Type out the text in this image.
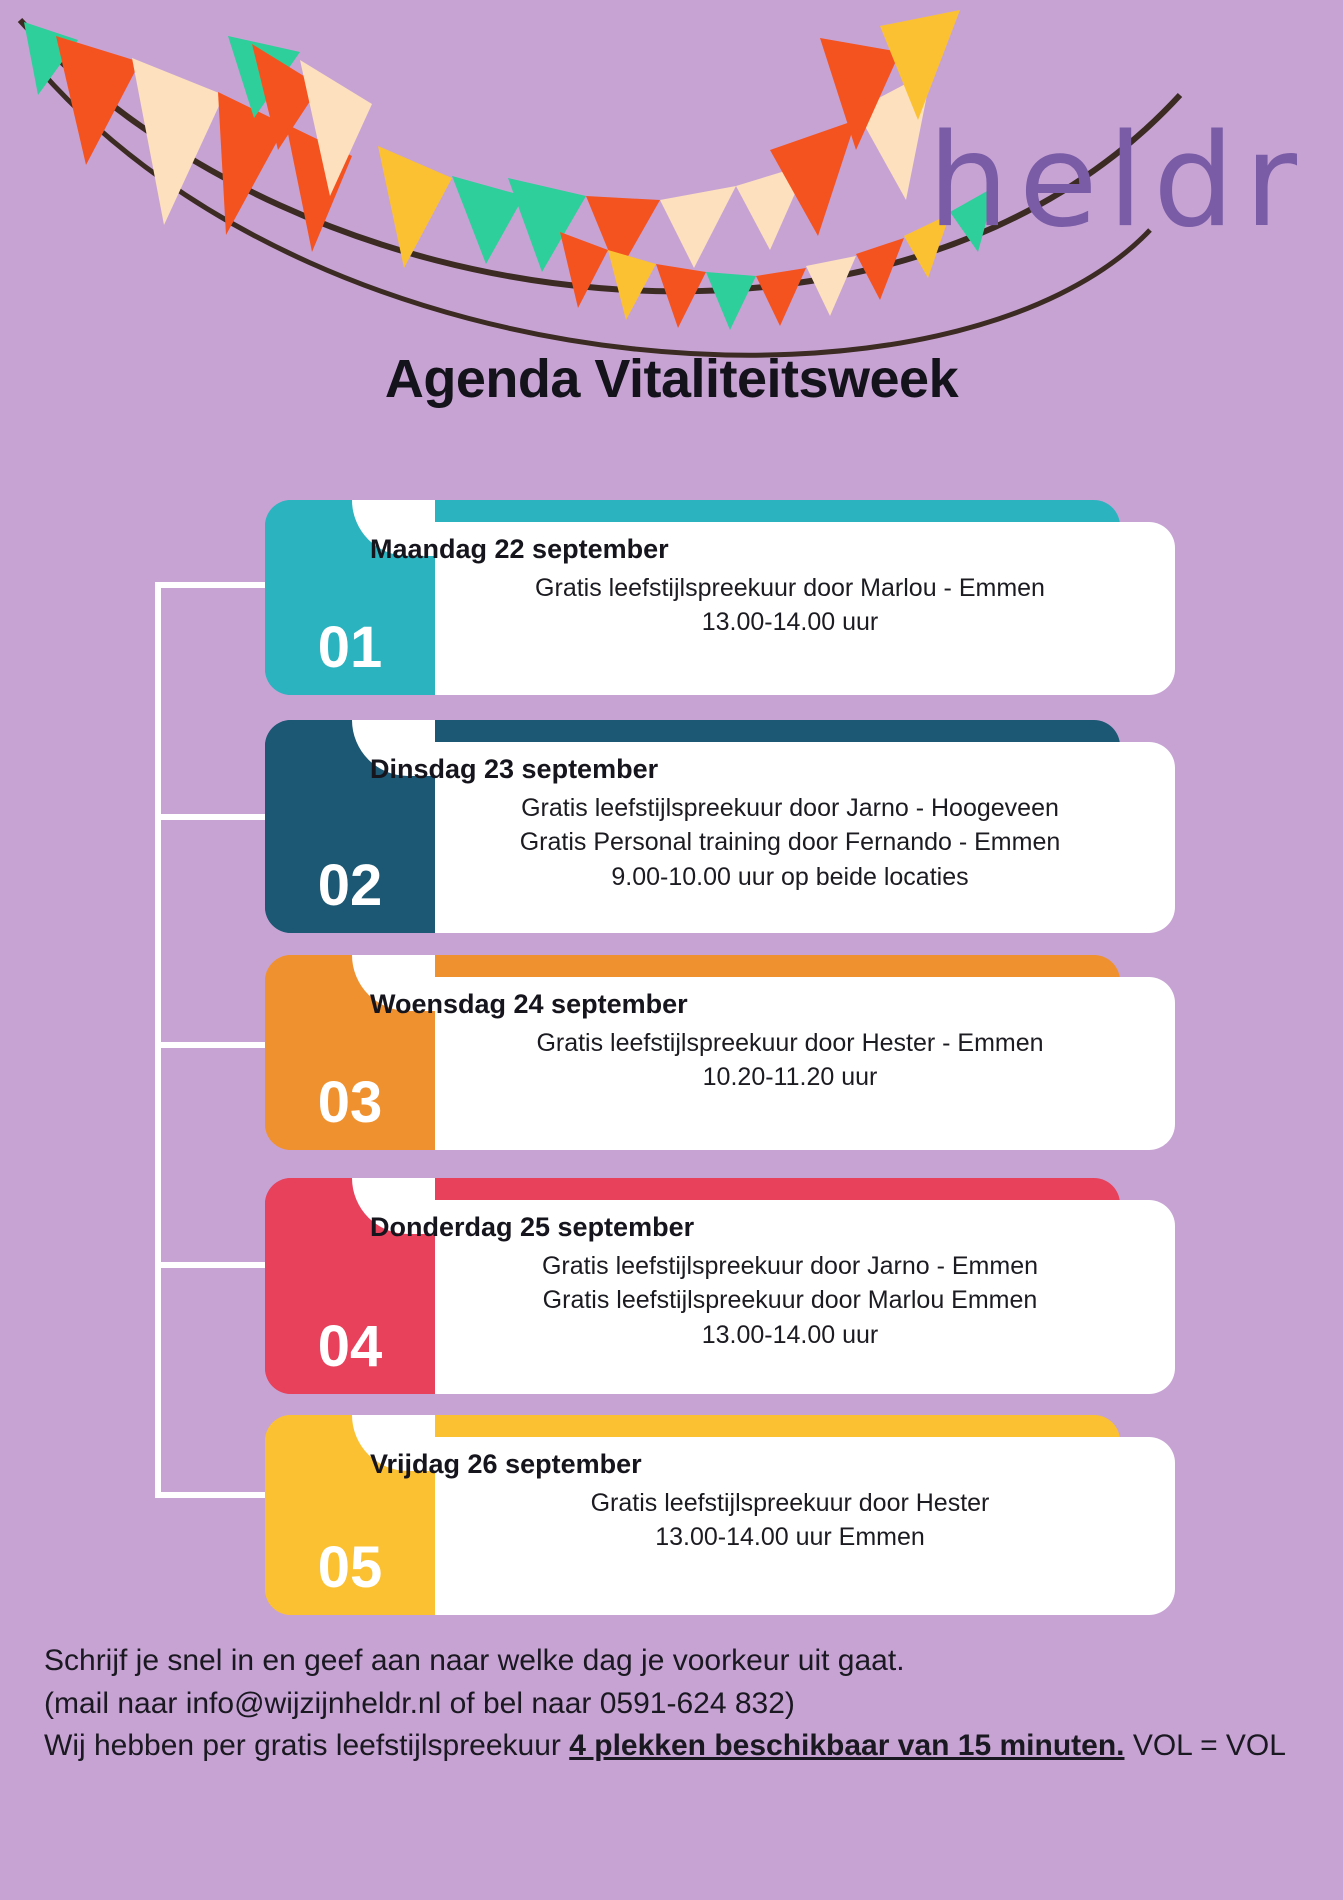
heldr
Agenda Vitaliteitsweek
01
Maandag 22 september
Gratis leefstijlspreekuur door Marlou - Emmen
13.00-14.00 uur
02
Dinsdag 23 september
Gratis leefstijlspreekuur door Jarno - Hoogeveen
Gratis Personal training door Fernando - Emmen
9.00-10.00 uur op beide locaties
03
Woensdag 24 september
Gratis leefstijlspreekuur door Hester - Emmen
10.20-11.20 uur
04
Donderdag 25 september
Gratis leefstijlspreekuur door Jarno - Emmen
Gratis leefstijlspreekuur door Marlou Emmen
13.00-14.00 uur
05
Vrijdag 26 september
Gratis leefstijlspreekuur door Hester
13.00-14.00 uur Emmen
Schrijf je snel in en geef aan naar welke dag je voorkeur uit gaat.
(mail naar info@wijzijnheldr.nl of bel naar 0591-624 832)
Wij hebben per gratis leefstijlspreekuur 4 plekken beschikbaar van 15 minuten. VOL = VOL
